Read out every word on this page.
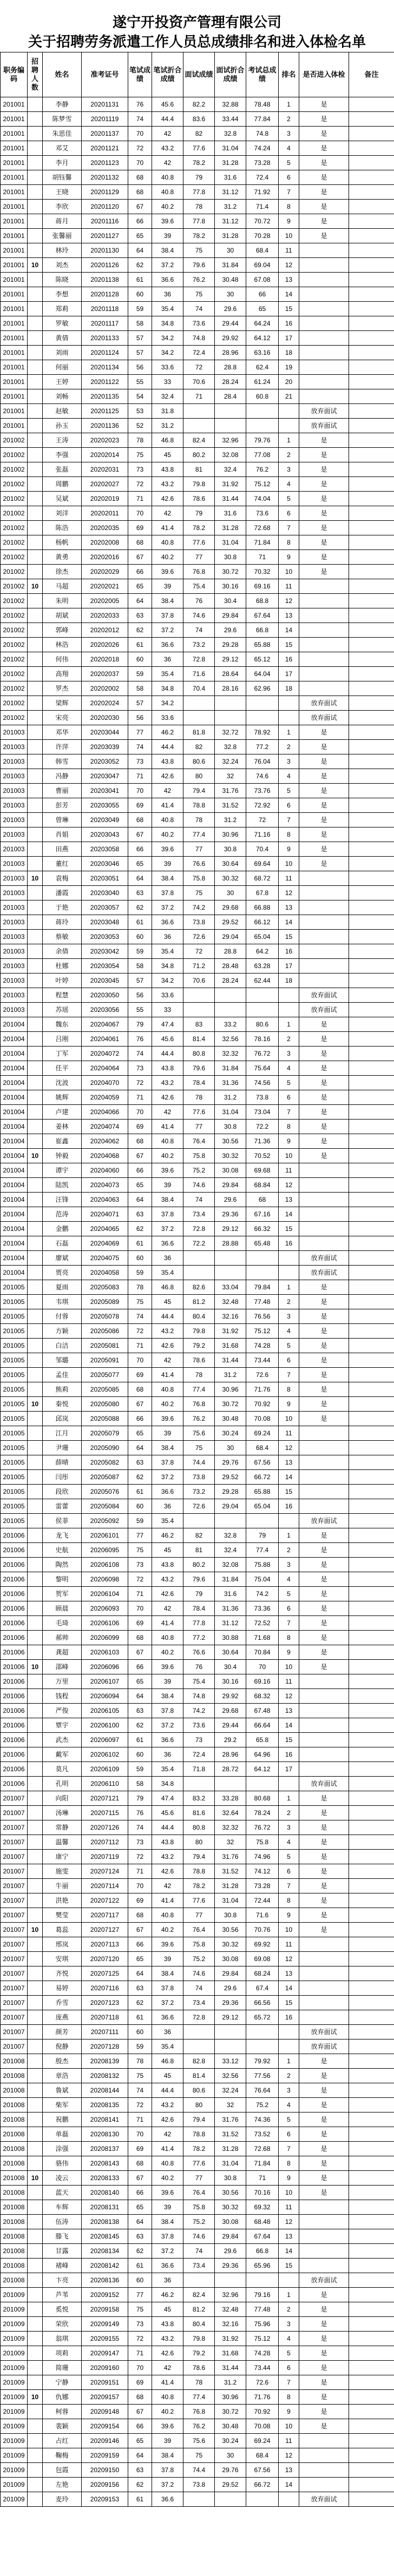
遂宁开投资产管理有限公司
关于招聘劳务派遣工作人员总成绩排名和进入体检名单
职务编码	招聘人数	姓名	准考证号	笔试成绩	笔试折合成绩	面试成绩	面试折合成绩	考试总成绩	排名	是否进入体检	备注
201001		李静	20201131	76	45.6	82.2	32.88	78.48	1	是	
201001		陈梦雪	20201119	74	44.4	83.6	33.44	77.84	2	是	
201001		朱思佳	20201137	70	42	82	32.8	74.8	3	是	
201001		邓艾	20201121	72	43.2	77.6	31.04	74.24	4	是	
201001		李月	20201123	70	42	78.2	31.28	73.28	5	是	
201001		胡钰馨	20201132	68	40.8	79	31.6	72.4	6	是	
201001		王晓	20201129	68	40.8	77.8	31.12	71.92	7	是	
201001		李欣	20201120	67	40.2	78	31.2	71.4	8	是	
201001		蒋月	20201116	66	39.6	77.8	31.12	70.72	9	是	
201001		张馨丽	20201127	65	39	78.2	31.28	70.28	10	是	
201001		林玲	20201130	64	38.4	75	30	68.4	11		
201001	10	刘杰	20201126	62	37.2	79.6	31.84	69.04	12		
201001		陈晓	20201138	61	36.6	76.2	30.48	67.08	13		
201001		李想	20201128	60	36	75	30	66	14		
201001		郑莉	20201118	59	35.4	74	29.6	65	15		
201001		罗敏	20201117	58	34.8	73.6	29.44	64.24	16		
201001		黄倩	20201133	57	34.2	74.8	29.92	64.12	17		
201001		刘雨	20201124	57	34.2	72.4	28.96	63.16	18		
201001		何丽	20201134	56	33.6	72	28.8	62.4	19		
201001		王婷	20201122	55	33	70.6	28.24	61.24	20		
201001		刘畅	20201135	54	32.4	71	28.4	60.8	21		
201001		赵敏	20201125	53	31.8					放弃面试	
201001		孙玉	20201136	52	31.2					放弃面试	
201002		王涛	20202023	78	46.8	82.4	32.96	79.76	1	是	
201002		李强	20202014	75	45	80.2	32.08	77.08	2	是	
201002		张磊	20202031	73	43.8	81	32.4	76.2	3	是	
201002		周鹏	20202027	72	43.2	79.8	31.92	75.12	4	是	
201002		吴斌	20202019	71	42.6	78.6	31.44	74.04	5	是	
201002		刘洋	20202011	70	42	79	31.6	73.6	6	是	
201002		陈浩	20202035	69	41.4	78.2	31.28	72.68	7	是	
201002		杨帆	20202008	68	40.8	77.6	31.04	71.84	8	是	
201002		黄勇	20202016	67	40.2	77	30.8	71	9	是	
201002		徐杰	20202029	66	39.6	76.8	30.72	70.32	10	是	
201002	10	马超	20202021	65	39	75.4	30.16	69.16	11		
201002		朱明	20202005	64	38.4	76	30.4	68.8	12		
201002		胡斌	20202033	63	37.8	74.6	29.84	67.64	13		
201002		郭峰	20202012	62	37.2	74	29.6	66.8	14		
201002		林浩	20202026	61	36.6	73.2	29.28	65.88	15		
201002		何伟	20202018	60	36	72.8	29.12	65.12	16		
201002		高翔	20202037	59	35.4	71.6	28.64	64.04	17		
201002		罗杰	20202002	58	34.8	70.4	28.16	62.96	18		
201002		梁辉	20202024	57	34.2					放弃面试	
201002		宋亮	20202030	56	33.6					放弃面试	
201003		邓华	20203044	77	46.2	81.8	32.72	78.92	1	是	
201003		许萍	20203039	74	44.4	82	32.8	77.2	2	是	
201003		韩雪	20203052	73	43.8	80.6	32.24	76.04	3	是	
201003		冯静	20203047	71	42.6	80	32	74.6	4	是	
201003		曹丽	20203041	70	42	79.4	31.76	73.76	5	是	
201003		彭芳	20203055	69	41.4	78.8	31.52	72.92	6	是	
201003		曾琳	20203049	68	40.8	78	31.2	72	7	是	
201003		肖娟	20203043	67	40.2	77.4	30.96	71.16	8	是	
201003		田燕	20203058	66	39.6	77	30.8	70.4	9	是	
201003		董红	20203046	65	39	76.6	30.64	69.64	10	是	
201003	10	袁梅	20203051	64	38.4	75.8	30.32	68.72	11		
201003		潘霞	20203040	63	37.8	75	30	67.8	12		
201003		于艳	20203057	62	37.2	74.2	29.68	66.88	13		
201003		蒋玲	20203048	61	36.6	73.8	29.52	66.12	14		
201003		蔡敏	20203053	60	36	72.6	29.04	65.04	15		
201003		余倩	20203042	59	35.4	72	28.8	64.2	16		
201003		杜娜	20203054	58	34.8	71.2	28.48	63.28	17		
201003		叶婷	20203045	57	34.2	70.6	28.24	62.44	18		
201003		程慧	20203050	56	33.6					放弃面试	
201003		苏瑶	20203056	55	33					放弃面试	
201004		魏东	20204067	79	47.4	83	33.2	80.6	1	是	
201004		吕刚	20204061	76	45.6	81.4	32.56	78.16	2	是	
201004		丁军	20204072	74	44.4	80.8	32.32	76.72	3	是	
201004		任平	20204064	73	43.8	79.6	31.84	75.64	4	是	
201004		沈波	20204070	72	43.2	78.4	31.36	74.56	5	是	
201004		姚辉	20204059	71	42.6	78	31.2	73.8	6	是	
201004		卢建	20204066	70	42	77.6	31.04	73.04	7	是	
201004		姜林	20204074	69	41.4	77	30.8	72.2	8	是	
201004		崔鑫	20204062	68	40.8	76.4	30.56	71.36	9	是	
201004	10	钟毅	20204068	67	40.2	75.8	30.32	70.52	10	是	
201004		谭宇	20204060	66	39.6	75.2	30.08	69.68	11		
201004		陆凯	20204073	65	39	74.6	29.84	68.84	12		
201004		汪锋	20204063	64	38.4	74	29.6	68	13		
201004		范涛	20204071	63	37.8	73.4	29.36	67.16	14		
201004		金鹏	20204065	62	37.2	72.8	29.12	66.32	15		
201004		石磊	20204069	61	36.6	72.2	28.88	65.48	16		
201004		廖斌	20204075	60	36					放弃面试	
201004		贾亮	20204058	59	35.4					放弃面试	
201005		夏雨	20205083	78	46.8	82.6	33.04	79.84	1	是	
201005		韦琪	20205089	75	45	81.2	32.48	77.48	2	是	
201005		付蓉	20205078	74	44.4	80.4	32.16	76.56	3	是	
201005		方颖	20205086	72	43.2	79.8	31.92	75.12	4	是	
201005		白洁	20205081	71	42.6	79.2	31.68	74.28	5	是	
201005		邹璐	20205091	70	42	78.6	31.44	73.44	6	是	
201005		孟佳	20205077	69	41.4	78	31.2	72.6	7	是	
201005		熊莉	20205085	68	40.8	77.4	30.96	71.76	8	是	
201005	10	秦悦	20205080	67	40.2	76.8	30.72	70.92	9	是	
201005		邱岚	20205088	66	39.6	76.2	30.48	70.08	10	是	
201005		江月	20205079	65	39	75.6	30.24	69.24	11		
201005		尹珊	20205090	64	38.4	75	30	68.4	12		
201005		薛晴	20205082	63	37.8	74.4	29.76	67.56	13		
201005		闫彤	20205087	62	37.2	73.8	29.52	66.72	14		
201005		段欣	20205076	61	36.6	73.2	29.28	65.88	15		
201005		雷蕾	20205084	60	36	72.6	29.04	65.04	16		
201005		侯菲	20205092	59	35.4					放弃面试	
201006		龙飞	20206101	77	46.2	82	32.8	79	1	是	
201006		史航	20206095	75	45	81	32.4	77.4	2	是	
201006		陶然	20206108	73	43.8	80.2	32.08	75.88	3	是	
201006		黎明	20206098	72	43.2	79.6	31.84	75.04	4	是	
201006		贺军	20206104	71	42.6	79	31.6	74.2	5	是	
201006		顾晨	20206093	70	42	78.4	31.36	73.36	6	是	
201006		毛琦	20206106	69	41.4	77.8	31.12	72.52	7	是	
201006		郝帅	20206099	68	40.8	77.2	30.88	71.68	8	是	
201006		龚超	20206103	67	40.2	76.6	30.64	70.84	9	是	
201006	10	邵峰	20206096	66	39.6	76	30.4	70	10	是	
201006		万里	20206107	65	39	75.4	30.16	69.16	11		
201006		钱程	20206094	64	38.4	74.8	29.92	68.32	12		
201006		严俊	20206105	63	37.8	74.2	29.68	67.48	13		
201006		覃宇	20206100	62	37.2	73.6	29.44	66.64	14		
201006		武杰	20206097	61	36.6	73	29.2	65.8	15		
201006		戴军	20206102	60	36	72.4	28.96	64.96	16		
201006		莫凡	20206109	59	35.4	71.8	28.72	64.12	17		
201006		孔明	20206110	58	34.8					放弃面试	
201007		向阳	20207121	79	47.4	83.2	33.28	80.68	1	是	
201007		汤琳	20207115	76	45.6	81.6	32.64	78.24	2	是	
201007		常静	20207126	74	44.4	80.8	32.32	76.72	3	是	
201007		温馨	20207112	73	43.8	80	32	75.8	4	是	
201007		康宁	20207119	72	43.2	79.4	31.76	74.96	5	是	
201007		施雯	20207124	71	42.6	78.8	31.52	74.12	6	是	
201007		牛丽	20207114	70	42	78.2	31.28	73.28	7	是	
201007		洪艳	20207122	69	41.4	77.6	31.04	72.44	8	是	
201007		樊莹	20207117	68	40.8	77	30.8	71.6	9	是	
201007	10	葛蕊	20207127	67	40.2	76.4	30.56	70.76	10	是	
201007		邢岚	20207113	66	39.6	75.8	30.32	69.92	11		
201007		安琪	20207120	65	39	75.2	30.08	69.08	12		
201007		齐悦	20207125	64	38.4	74.6	29.84	68.24	13		
201007		易婷	20207116	63	37.8	74	29.6	67.4	14		
201007		乔雪	20207123	62	37.2	73.4	29.36	66.56	15		
201007		庞燕	20207118	61	36.6	72.8	29.12	65.72	16		
201007		颜芳	20207111	60	36					放弃面试	
201007		倪静	20207128	59	35.4					放弃面试	
201008		殷杰	20208139	78	46.8	82.8	33.12	79.92	1	是	
201008		章浩	20208132	75	45	81.4	32.56	77.56	2	是	
201008		鲁斌	20208144	74	44.4	80.6	32.24	76.64	3	是	
201008		柴军	20208135	72	43.2	80	32	75.2	4	是	
201008		祝鹏	20208141	71	42.6	79.4	31.76	74.36	5	是	
201008		单磊	20208130	70	42	78.8	31.52	73.52	6	是	
201008		涂强	20208137	69	41.4	78.2	31.28	72.68	7	是	
201008		骆伟	20208143	68	40.8	77.6	31.04	71.84	8	是	
201008	10	凌云	20208133	67	40.2	77	30.8	71	9	是	
201008		蓝天	20208140	66	39.6	76.4	30.56	70.16	10	是	
201008		车辉	20208131	65	39	75.8	30.32	69.32	11		
201008		伍涛	20208138	64	38.4	75.2	30.08	68.48	12		
201008		滕飞	20208145	63	37.8	74.6	29.84	67.64	13		
201008		甘露	20208134	62	37.2	74	29.6	66.8	14		
201008		褚峰	20208142	61	36.6	73.4	29.36	65.96	15		
201008		卞亮	20208136	60	36					放弃面试	
201009		芦苇	20209152	77	46.2	82.4	32.96	79.16	1	是	
201009		奚悦	20209158	75	45	81.2	32.48	77.48	2	是	
201009		荣欣	20209149	73	43.8	80.4	32.16	75.96	3	是	
201009		翁琪	20209155	72	43.2	79.8	31.92	75.12	4	是	
201009		项莉	20209147	71	42.6	79.2	31.68	74.28	5	是	
201009		简珊	20209160	70	42	78.6	31.44	73.44	6	是	
201009		宁静	20209151	69	41.4	78	31.2	72.6	7	是	
201009	10	仇娜	20209157	68	40.8	77.4	30.96	71.76	8	是	
201009		柯蓉	20209148	67	40.2	76.8	30.72	70.92	9	是	
201009		裴颖	20209154	66	39.6	76.2	30.48	70.08	10	是	
201009		占红	20209146	65	39	75.6	30.24	69.24	11		
201009		鞠梅	20209159	64	38.4	75	30	68.4	12		
201009		包霞	20209150	63	37.8	74.4	29.76	67.56	13		
201009		左艳	20209156	62	37.2	73.8	29.52	66.72	14		
201009		麦玲	20209153	61	36.6					放弃面试	
